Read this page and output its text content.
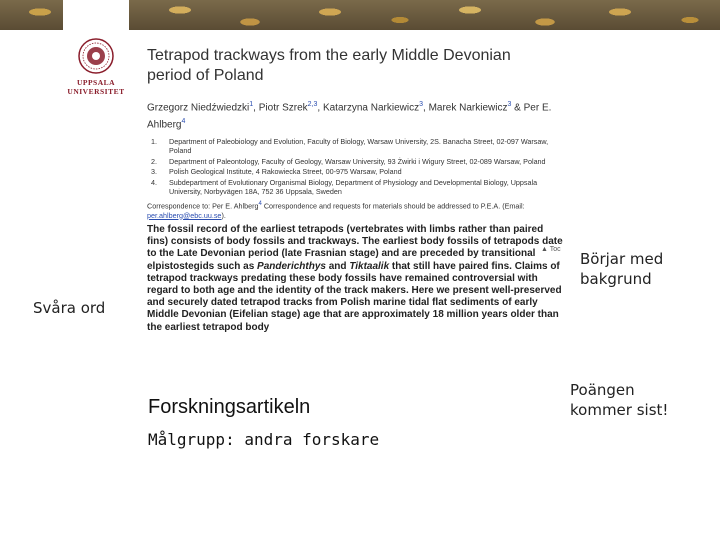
UPPSALA
UNIVERSITET
Tetrapod trackways from the early Middle Devonian
period of Poland
Grzegorz Niedźwiedzki$^1$, Piotr Szrek$^{2,3}$, Katarzyna Narkiewicz$^3$, Marek Narkiewicz$^3$ & Per E. Ahlberg$^4$
1.	Department of Paleobiology and Evolution, Faculty of Biology, Warsaw University, 2S. Banacha Street, 02-097 Warsaw, Poland
2.	Department of Paleontology, Faculty of Geology, Warsaw University, 93 Żwirki i Wigury Street, 02-089 Warsaw, Poland
3.	Polish Geological Institute, 4 Rakowiecka Street, 00-975 Warsaw, Poland
4.	Subdepartment of Evolutionary Organismal Biology, Department of Physiology and Developmental Biology, Uppsala University, Norbyvägen 18A, 752 36 Uppsala, Sweden
Correspondence to: Per E. Ahlberg$^4$ Correspondence and requests for materials should be addressed to P.E.A. (Email: per.ahlberg@ebc.uu.se).
The fossil record of the earliest tetrapods (vertebrates with limbs rather than paired fins) consists of body fossils and trackways. The earliest body fossils of tetrapods date to the Late Devonian period (late Frasnian stage) and are preceded by transitional elpistostegids such as Panderichthys and Tiktaalik that still have paired fins. Claims of tetrapod trackways predating these body fossils have remained controversial with regard to both age and the identity of the track makers. Here we present well-preserved and securely dated tetrapod tracks from Polish marine tidal flat sediments of early Middle Devonian (Eifelian stage) age that are approximately 18 million years older than the earliest tetrapod body
▲ Toc
Forskningsartikeln
Målgrupp: andra forskare
Svåra ord
Börjar med
bakgrund
Poängen
kommer sist!
